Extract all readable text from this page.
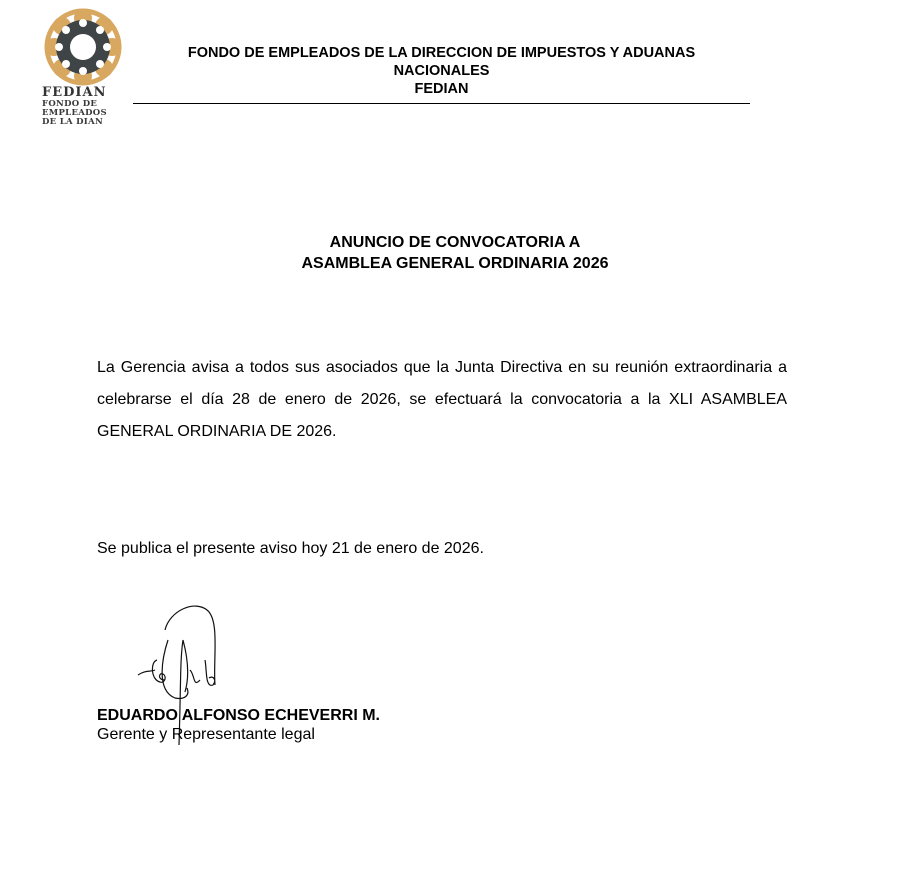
FEDIAN
FONDO DE
EMPLEADOS
DE LA DIAN
FONDO DE EMPLEADOS DE LA DIRECCION DE IMPUESTOS Y ADUANAS
NACIONALES
FEDIAN
ANUNCIO DE CONVOCATORIA A
ASAMBLEA GENERAL ORDINARIA 2026
La Gerencia avisa a todos sus asociados que la Junta Directiva en su reunión extraordinaria a celebrarse el día 28 de enero de 2026, se efectuará la convocatoria a la XLI ASAMBLEA GENERAL ORDINARIA DE 2026.
Se publica el presente aviso hoy 21 de enero de 2026.
EDUARDO ALFONSO ECHEVERRI M.
Gerente y Representante legal
